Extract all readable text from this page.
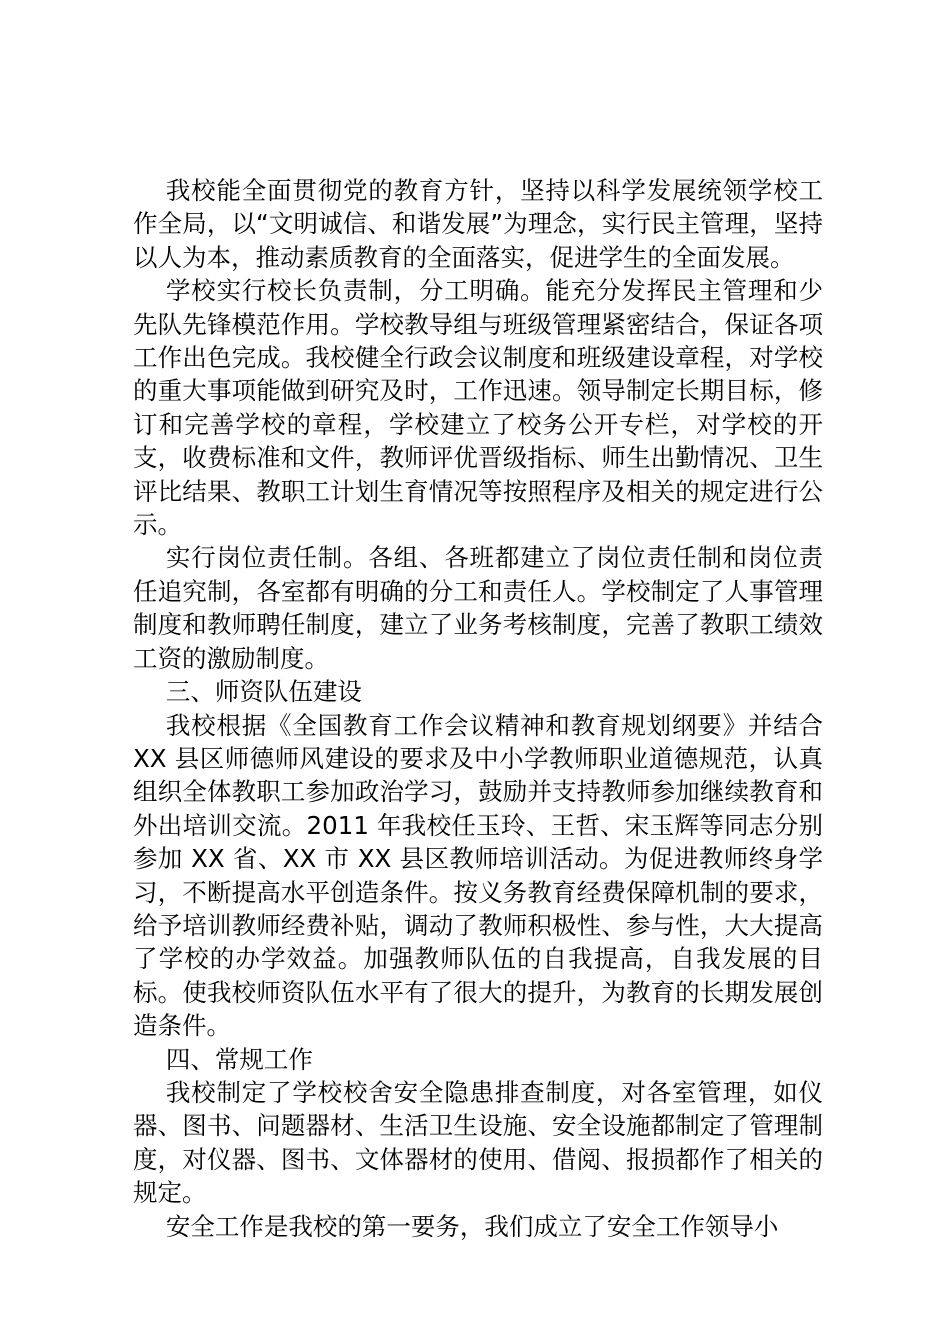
我校能全面贯彻党的教育方针，坚持以科学发展统领学校工作全局，以“文明诚信、和谐发展”为理念，实行民主管理，坚持以人为本，推动素质教育的全面落实，促进学生的全面发展。

学校实行校长负责制，分工明确。能充分发挥民主管理和少先队先锋模范作用。学校教导组与班级管理紧密结合，保证各项工作出色完成。我校健全行政会议制度和班级建设章程，对学校的重大事项能做到研究及时，工作迅速。领导制定长期目标，修订和完善学校的章程，学校建立了校务公开专栏，对学校的开支，收费标准和文件，教师评优晋级指标、师生出勤情况、卫生评比结果、教职工计划生育情况等按照程序及相关的规定进行公示。

实行岗位责任制。各组、各班都建立了岗位责任制和岗位责任追究制，各室都有明确的分工和责任人。学校制定了人事管理制度和教师聘任制度，建立了业务考核制度，完善了教职工绩效工资的激励制度。

三、师资队伍建设

我校根据《全国教育工作会议精神和教育规划纲要》并结合 XX 县区师德师风建设的要求及中小学教师职业道德规范，认真组织全体教职工参加政治学习，鼓励并支持教师参加继续教育和外出培训交流。2011 年我校任玉玲、王哲、宋玉辉等同志分别参加 XX 省、XX 市 XX 县区教师培训活动。为促进教师终身学习，不断提高水平创造条件。按义务教育经费保障机制的要求，给予培训教师经费补贴，调动了教师积极性、参与性，大大提高了学校的办学效益。加强教师队伍的自我提高，自我发展的目标。使我校师资队伍水平有了很大的提升，为教育的长期发展创造条件。

四、常规工作

我校制定了学校校舍安全隐患排查制度，对各室管理，如仪器、图书、问题器材、生活卫生设施、安全设施都制定了管理制度，对仪器、图书、文体器材的使用、借阅、报损都作了相关的规定。

安全工作是我校的第一要务，我们成立了安全工作领导小
